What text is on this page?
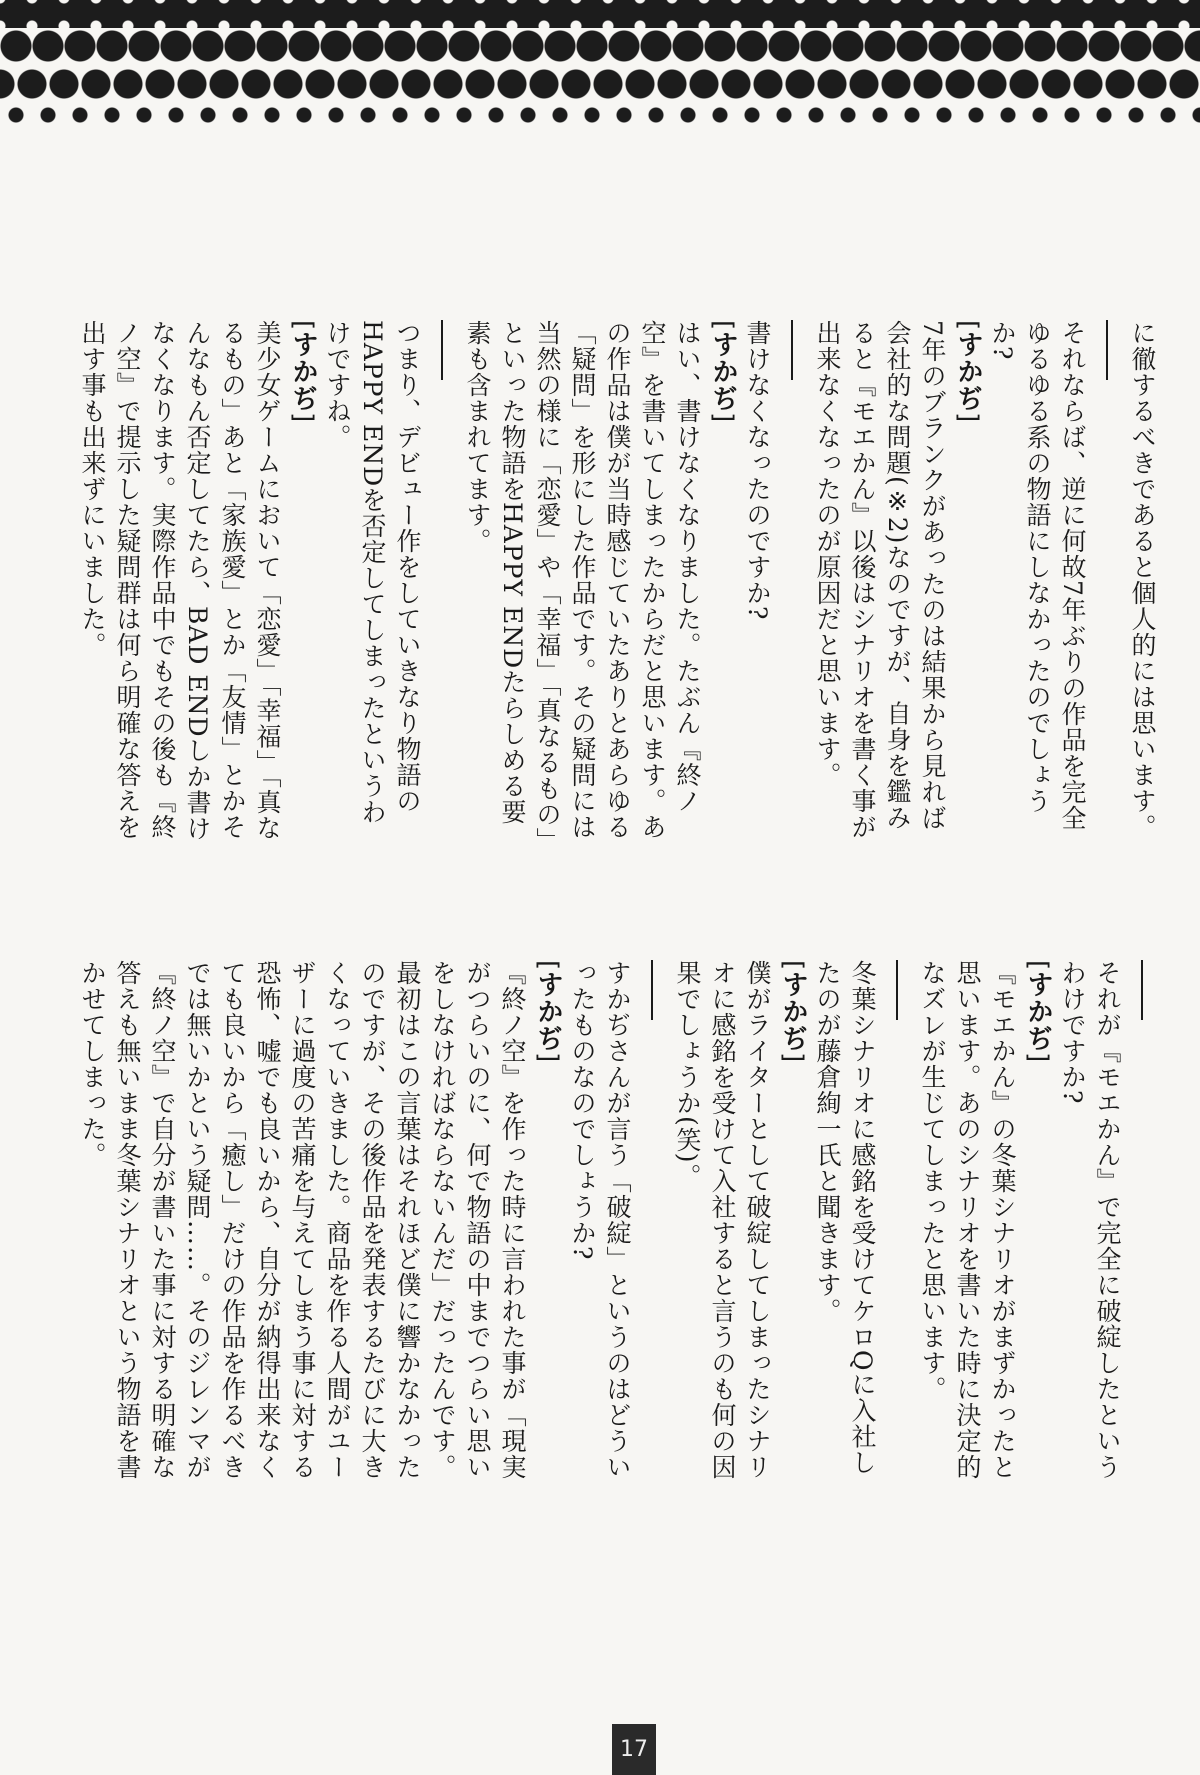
に徹するべきであると個人的には思います。
それならば、逆に何故7年ぶりの作品を完全ゆるゆる系の物語にしなかったのでしょうか?
[すかぢ]
7年のブランクがあったのは結果から見れば会社的な問題(※2)なのですが、自身を鑑みると『モエかん』以後はシナリオを書く事が出来なくなったのが原因だと思います。
書けなくなったのですか?
[すかぢ]
はい、書けなくなりました。たぶん『終ノ空』を書いてしまったからだと思います。あの作品は僕が当時感じていたありとあらゆる「疑問」を形にした作品です。その疑問には当然の様に「恋愛」や「幸福」「真なるもの」といった物語をHAPPY ENDたらしめる要素も含まれてます。
つまり、デビュー作をしていきなり物語のHAPPY ENDを否定してしまったというわけですね。
[すかぢ]
美少女ゲームにおいて「恋愛」「幸福」「真なるもの」あと「家族愛」とか「友情」とかそんなもん否定してたら、BAD ENDしか書けなくなります。実際作品中でもその後も『終ノ空』で提示した疑問群は何ら明確な答えを出す事も出来ずにいました。
それが『モエかん』で完全に破綻したというわけですか?
[すかぢ]
『モエかん』の冬葉シナリオがまずかったと思います。あのシナリオを書いた時に決定的なズレが生じてしまったと思います。
冬葉シナリオに感銘を受けてケロQに入社したのが藤倉絢一氏と聞きます。
[すかぢ]
僕がライターとして破綻してしまったシナリオに感銘を受けて入社すると言うのも何の因果でしょうか(笑)。
すかぢさんが言う「破綻」というのはどういったものなのでしょうか?
[すかぢ]
『終ノ空』を作った時に言われた事が「現実がつらいのに、何で物語の中までつらい思いをしなければならないんだ」だったんです。最初はこの言葉はそれほど僕に響かなかったのですが、その後作品を発表するたびに大きくなっていきました。商品を作る人間がユーザーに過度の苦痛を与えてしまう事に対する恐怖、嘘でも良いから、自分が納得出来なくても良いから「癒し」だけの作品を作るべきでは無いかという疑問……。そのジレンマが『終ノ空』で自分が書いた事に対する明確な答えも無いまま冬葉シナリオという物語を書かせてしまった。
17
